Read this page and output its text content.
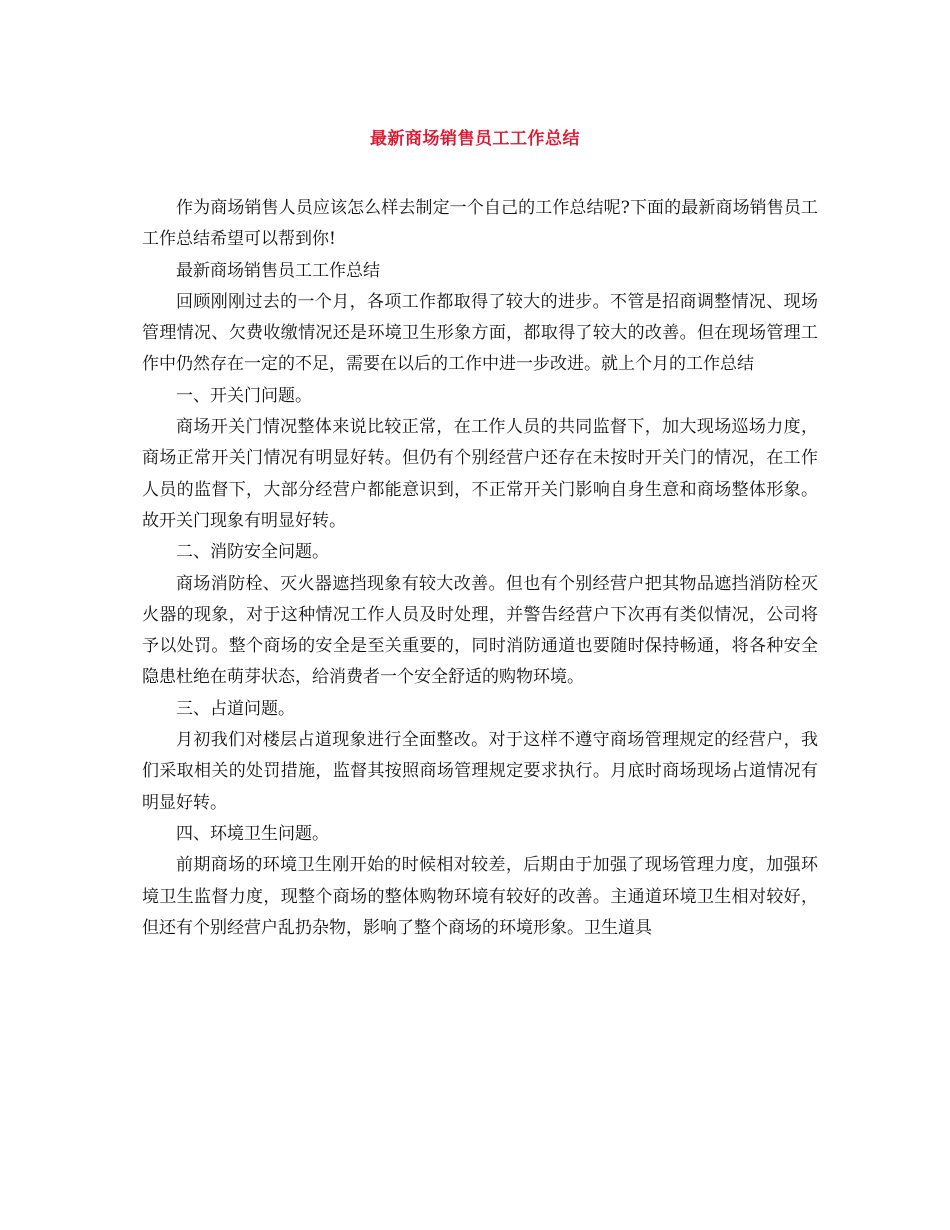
最新商场销售员工工作总结

作为商场销售人员应该怎么样去制定一个自己的工作总结呢?下面的最新商场销售员工工作总结希望可以帮到你!

最新商场销售员工工作总结

回顾刚刚过去的一个月，各项工作都取得了较大的进步。不管是招商调整情况、现场管理情况、欠费收缴情况还是环境卫生形象方面，都取得了较大的改善。但在现场管理工作中仍然存在一定的不足，需要在以后的工作中进一步改进。就上个月的工作总结

一、开关门问题。

商场开关门情况整体来说比较正常，在工作人员的共同监督下，加大现场巡场力度，商场正常开关门情况有明显好转。但仍有个别经营户还存在未按时开关门的情况，在工作人员的监督下，大部分经营户都能意识到，不正常开关门影响自身生意和商场整体形象。故开关门现象有明显好转。

二、消防安全问题。

商场消防栓、灭火器遮挡现象有较大改善。但也有个别经营户把其物品遮挡消防栓灭火器的现象，对于这种情况工作人员及时处理，并警告经营户下次再有类似情况，公司将予以处罚。整个商场的安全是至关重要的，同时消防通道也要随时保持畅通，将各种安全隐患杜绝在萌芽状态，给消费者一个安全舒适的购物环境。

三、占道问题。

月初我们对楼层占道现象进行全面整改。对于这样不遵守商场管理规定的经营户，我们采取相关的处罚措施，监督其按照商场管理规定要求执行。月底时商场现场占道情况有明显好转。

四、环境卫生问题。

前期商场的环境卫生刚开始的时候相对较差，后期由于加强了现场管理力度，加强环境卫生监督力度，现整个商场的整体购物环境有较好的改善。主通道环境卫生相对较好，但还有个别经营户乱扔杂物，影响了整个商场的环境形象。卫生道具
